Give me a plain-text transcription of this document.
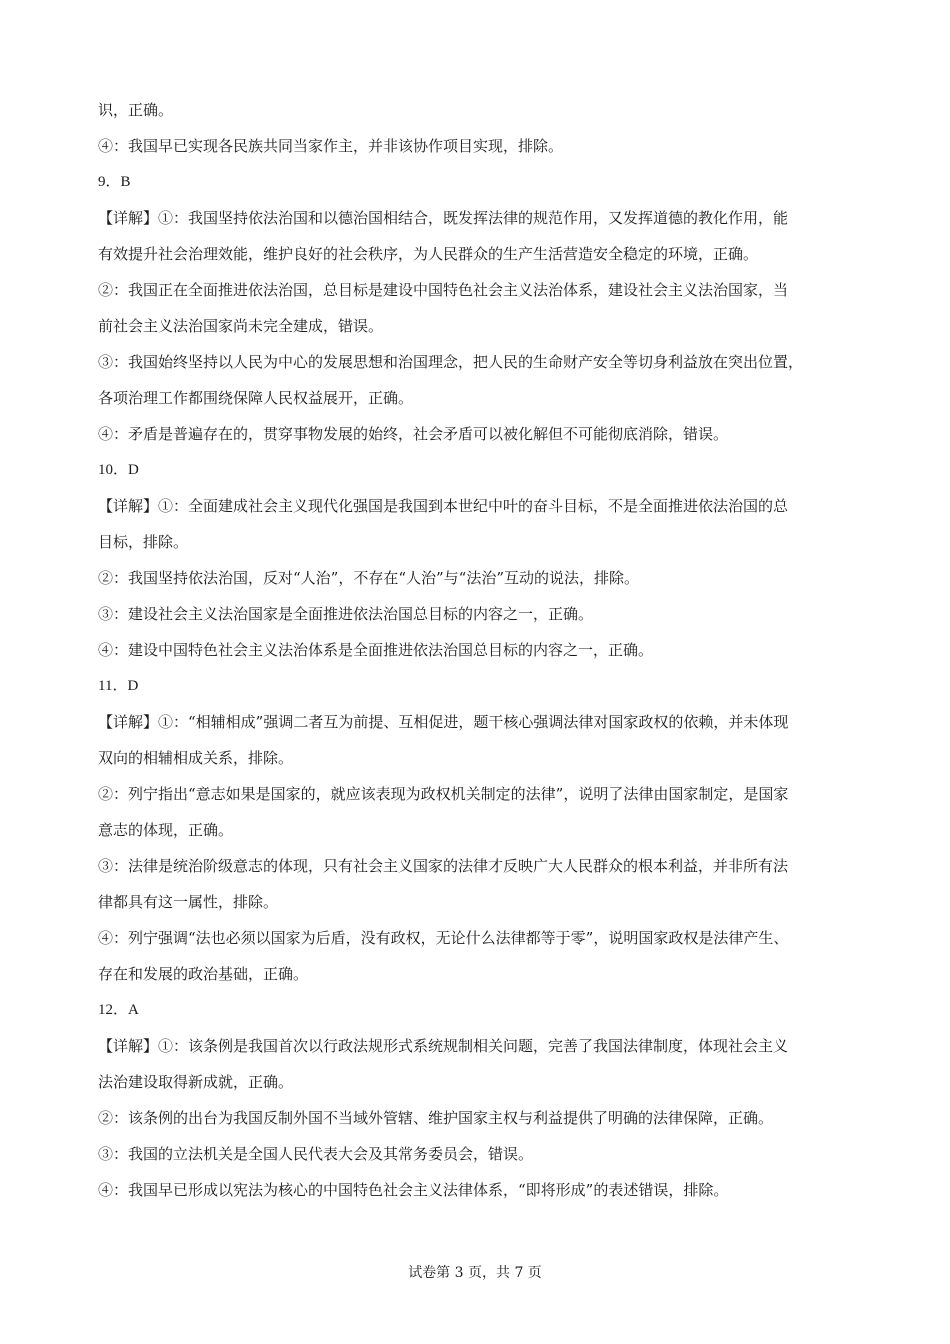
识，正确。

④：我国早已实现各民族共同当家作主，并非该协作项目实现，排除。

9．B

【详解】①：我国坚持依法治国和以德治国相结合，既发挥法律的规范作用，又发挥道德的教化作用，能

有效提升社会治理效能，维护良好的社会秩序，为人民群众的生产生活营造安全稳定的环境，正确。

②：我国正在全面推进依法治国，总目标是建设中国特色社会主义法治体系，建设社会主义法治国家，当

前社会主义法治国家尚未完全建成，错误。

③：我国始终坚持以人民为中心的发展思想和治国理念，把人民的生命财产安全等切身利益放在突出位置，

各项治理工作都围绕保障人民权益展开，正确。

④：矛盾是普遍存在的，贯穿事物发展的始终，社会矛盾可以被化解但不可能彻底消除，错误。

10．D

【详解】①：全面建成社会主义现代化强国是我国到本世纪中叶的奋斗目标，不是全面推进依法治国的总

目标，排除。

②：我国坚持依法治国，反对“人治”，不存在“人治”与“法治”互动的说法，排除。

③：建设社会主义法治国家是全面推进依法治国总目标的内容之一，正确。

④：建设中国特色社会主义法治体系是全面推进依法治国总目标的内容之一，正确。

11．D

【详解】①：“相辅相成”强调二者互为前提、互相促进，题干核心强调法律对国家政权的依赖，并未体现

双向的相辅相成关系，排除。

②：列宁指出“意志如果是国家的，就应该表现为政权机关制定的法律”，说明了法律由国家制定，是国家

意志的体现，正确。

③：法律是统治阶级意志的体现，只有社会主义国家的法律才反映广大人民群众的根本利益，并非所有法

律都具有这一属性，排除。

④：列宁强调“法也必须以国家为后盾，没有政权，无论什么法律都等于零”，说明国家政权是法律产生、

存在和发展的政治基础，正确。

12．A

【详解】①：该条例是我国首次以行政法规形式系统规制相关问题，完善了我国法律制度，体现社会主义

法治建设取得新成就，正确。

②：该条例的出台为我国反制外国不当域外管辖、维护国家主权与利益提供了明确的法律保障，正确。

③：我国的立法机关是全国人民代表大会及其常务委员会，错误。

④：我国早已形成以宪法为核心的中国特色社会主义法律体系，“即将形成”的表述错误，排除。

试卷第 3 页，共 7 页
